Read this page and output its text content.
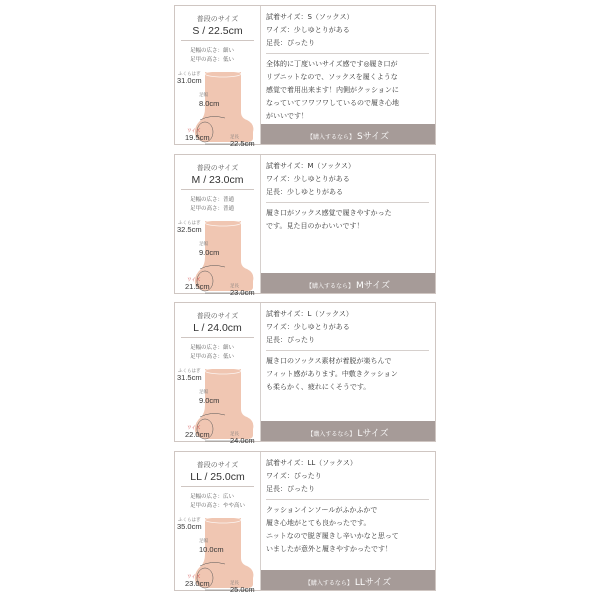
普段のサイズ
S / 22.5cm
足幅の広さ：細い
足甲の高さ：低い
ふくらはぎ
31.0cm
足幅
8.0cm
ワイズ
19.5cm	足長
22.5cm
試着サイズ：S（ソックス）
ワイズ：少しゆとりがある
足長：ぴったり
全体的に丁度いいサイズ感です◎履き口が
リブニットなので、ソックスを履くような
感覚で着用出来ます！内側がクッションに
なっていてフワフワしているので履き心地
がいいです！
【購入するなら】 Sサイズ
普段のサイズ
M / 23.0cm
足幅の広さ：普通
足甲の高さ：普通
ふくらはぎ
32.5cm
足幅
9.0cm
ワイズ
21.5cm	足長
23.0cm
試着サイズ：M（ソックス）
ワイズ：少しゆとりがある
足長：少しゆとりがある
履き口がソックス感覚で履きやすかった
です。見た目のかわいいです！
【購入するなら】 Mサイズ
普段のサイズ
L / 24.0cm
足幅の広さ：細い
足甲の高さ：低い
ふくらはぎ
31.5cm
足幅
9.0cm
ワイズ
22.0cm	足長
24.0cm
試着サイズ：L（ソックス）
ワイズ：少しゆとりがある
足長：ぴったり
履き口のソックス素材が着脱が楽ちんで
フィット感があります。中敷きクッション
も柔らかく、疲れにくそうです。
【購入するなら】 Lサイズ
普段のサイズ
LL / 25.0cm
足幅の広さ：広い
足甲の高さ：やや高い
ふくらはぎ
35.0cm
足幅
10.0cm
ワイズ
23.0cm	足長
25.0cm
試着サイズ：LL（ソックス）
ワイズ：ぴったり
足長：ぴったり
クッションインソールがふかふかで
履き心地がとても良かったです。
ニットなので脱ぎ履きし辛いかなと思って
いましたが意外と履きやすかったです！
【購入するなら】 LLサイズ
